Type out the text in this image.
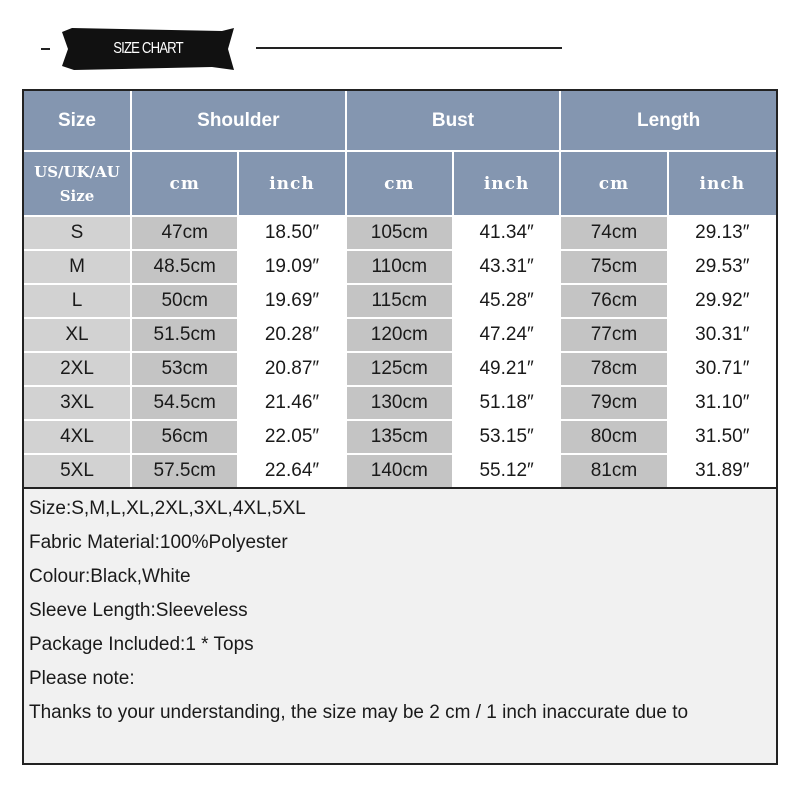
SIZE CHART
Size	Shoulder		Bust		Length	
US/UK/AU
Size	cm	inch	cm	inch	cm	inch
S	47cm	18.50″	105cm	41.34″	74cm	29.13″
M	48.5cm	19.09″	110cm	43.31″	75cm	29.53″
L	50cm	19.69″	115cm	45.28″	76cm	29.92″
XL	51.5cm	20.28″	120cm	47.24″	77cm	30.31″
2XL	53cm	20.87″	125cm	49.21″	78cm	30.71″
3XL	54.5cm	21.46″	130cm	51.18″	79cm	31.10″
4XL	56cm	22.05″	135cm	53.15″	80cm	31.50″
5XL	57.5cm	22.64″	140cm	55.12″	81cm	31.89″
Size:S,M,L,XL,2XL,3XL,4XL,5XL
Fabric Material:100%Polyester
Colour:Black,White
Sleeve Length:Sleeveless
Package Included:1 * Tops
Please note:
Thanks to your understanding, the size may be 2 cm / 1 inch inaccurate due to
